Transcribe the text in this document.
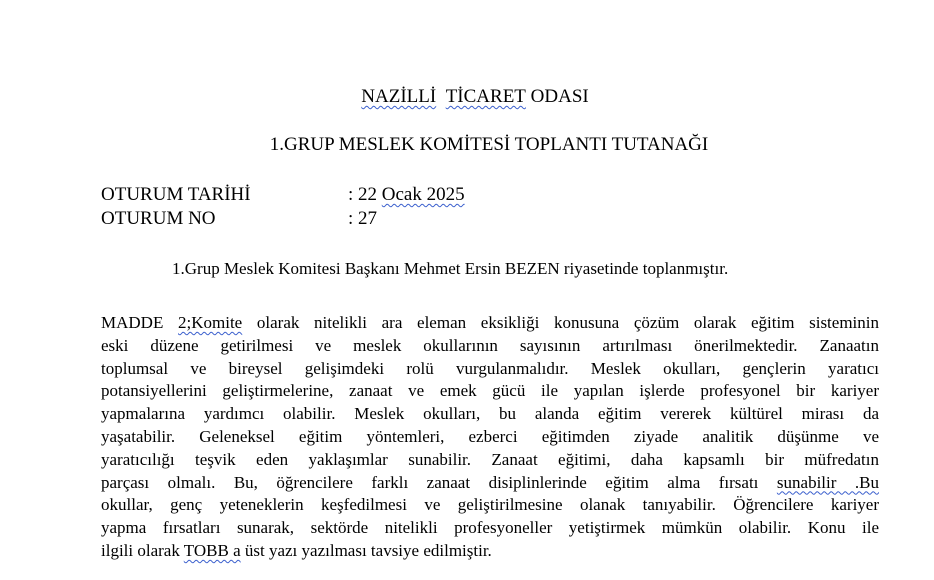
NAZİLLİ TİCARET ODASI
1.GRUP MESLEK KOMİTESİ TOPLANTI TUTANAĞI
OTURUM TARİHİ	: 22 Ocak 2025
OTURUM NO	: 27
1.Grup Meslek Komitesi Başkanı Mehmet Ersin BEZEN riyasetinde toplanmıştır.
MADDE 2;Komite olarak nitelikli ara eleman eksikliği konusuna çözüm olarak eğitim sisteminin
eski düzene getirilmesi ve meslek okullarının sayısının artırılması önerilmektedir. Zanaatın
toplumsal ve bireysel gelişimdeki rolü vurgulanmalıdır. Meslek okulları, gençlerin yaratıcı
potansiyellerini geliştirmelerine, zanaat ve emek gücü ile yapılan işlerde profesyonel bir kariyer
yapmalarına yardımcı olabilir. Meslek okulları, bu alanda eğitim vererek kültürel mirası da
yaşatabilir. Geleneksel eğitim yöntemleri, ezberci eğitimden ziyade analitik düşünme ve
yaratıcılığı teşvik eden yaklaşımlar sunabilir. Zanaat eğitimi, daha kapsamlı bir müfredatın
parçası olmalı. Bu, öğrencilere farklı zanaat disiplinlerinde eğitim alma fırsatı sunabilir .Bu
okullar, genç yeteneklerin keşfedilmesi ve geliştirilmesine olanak tanıyabilir. Öğrencilere kariyer
yapma fırsatları sunarak, sektörde nitelikli profesyoneller yetiştirmek mümkün olabilir. Konu ile
ilgili olarak TOBB a üst yazı yazılması tavsiye edilmiştir.
